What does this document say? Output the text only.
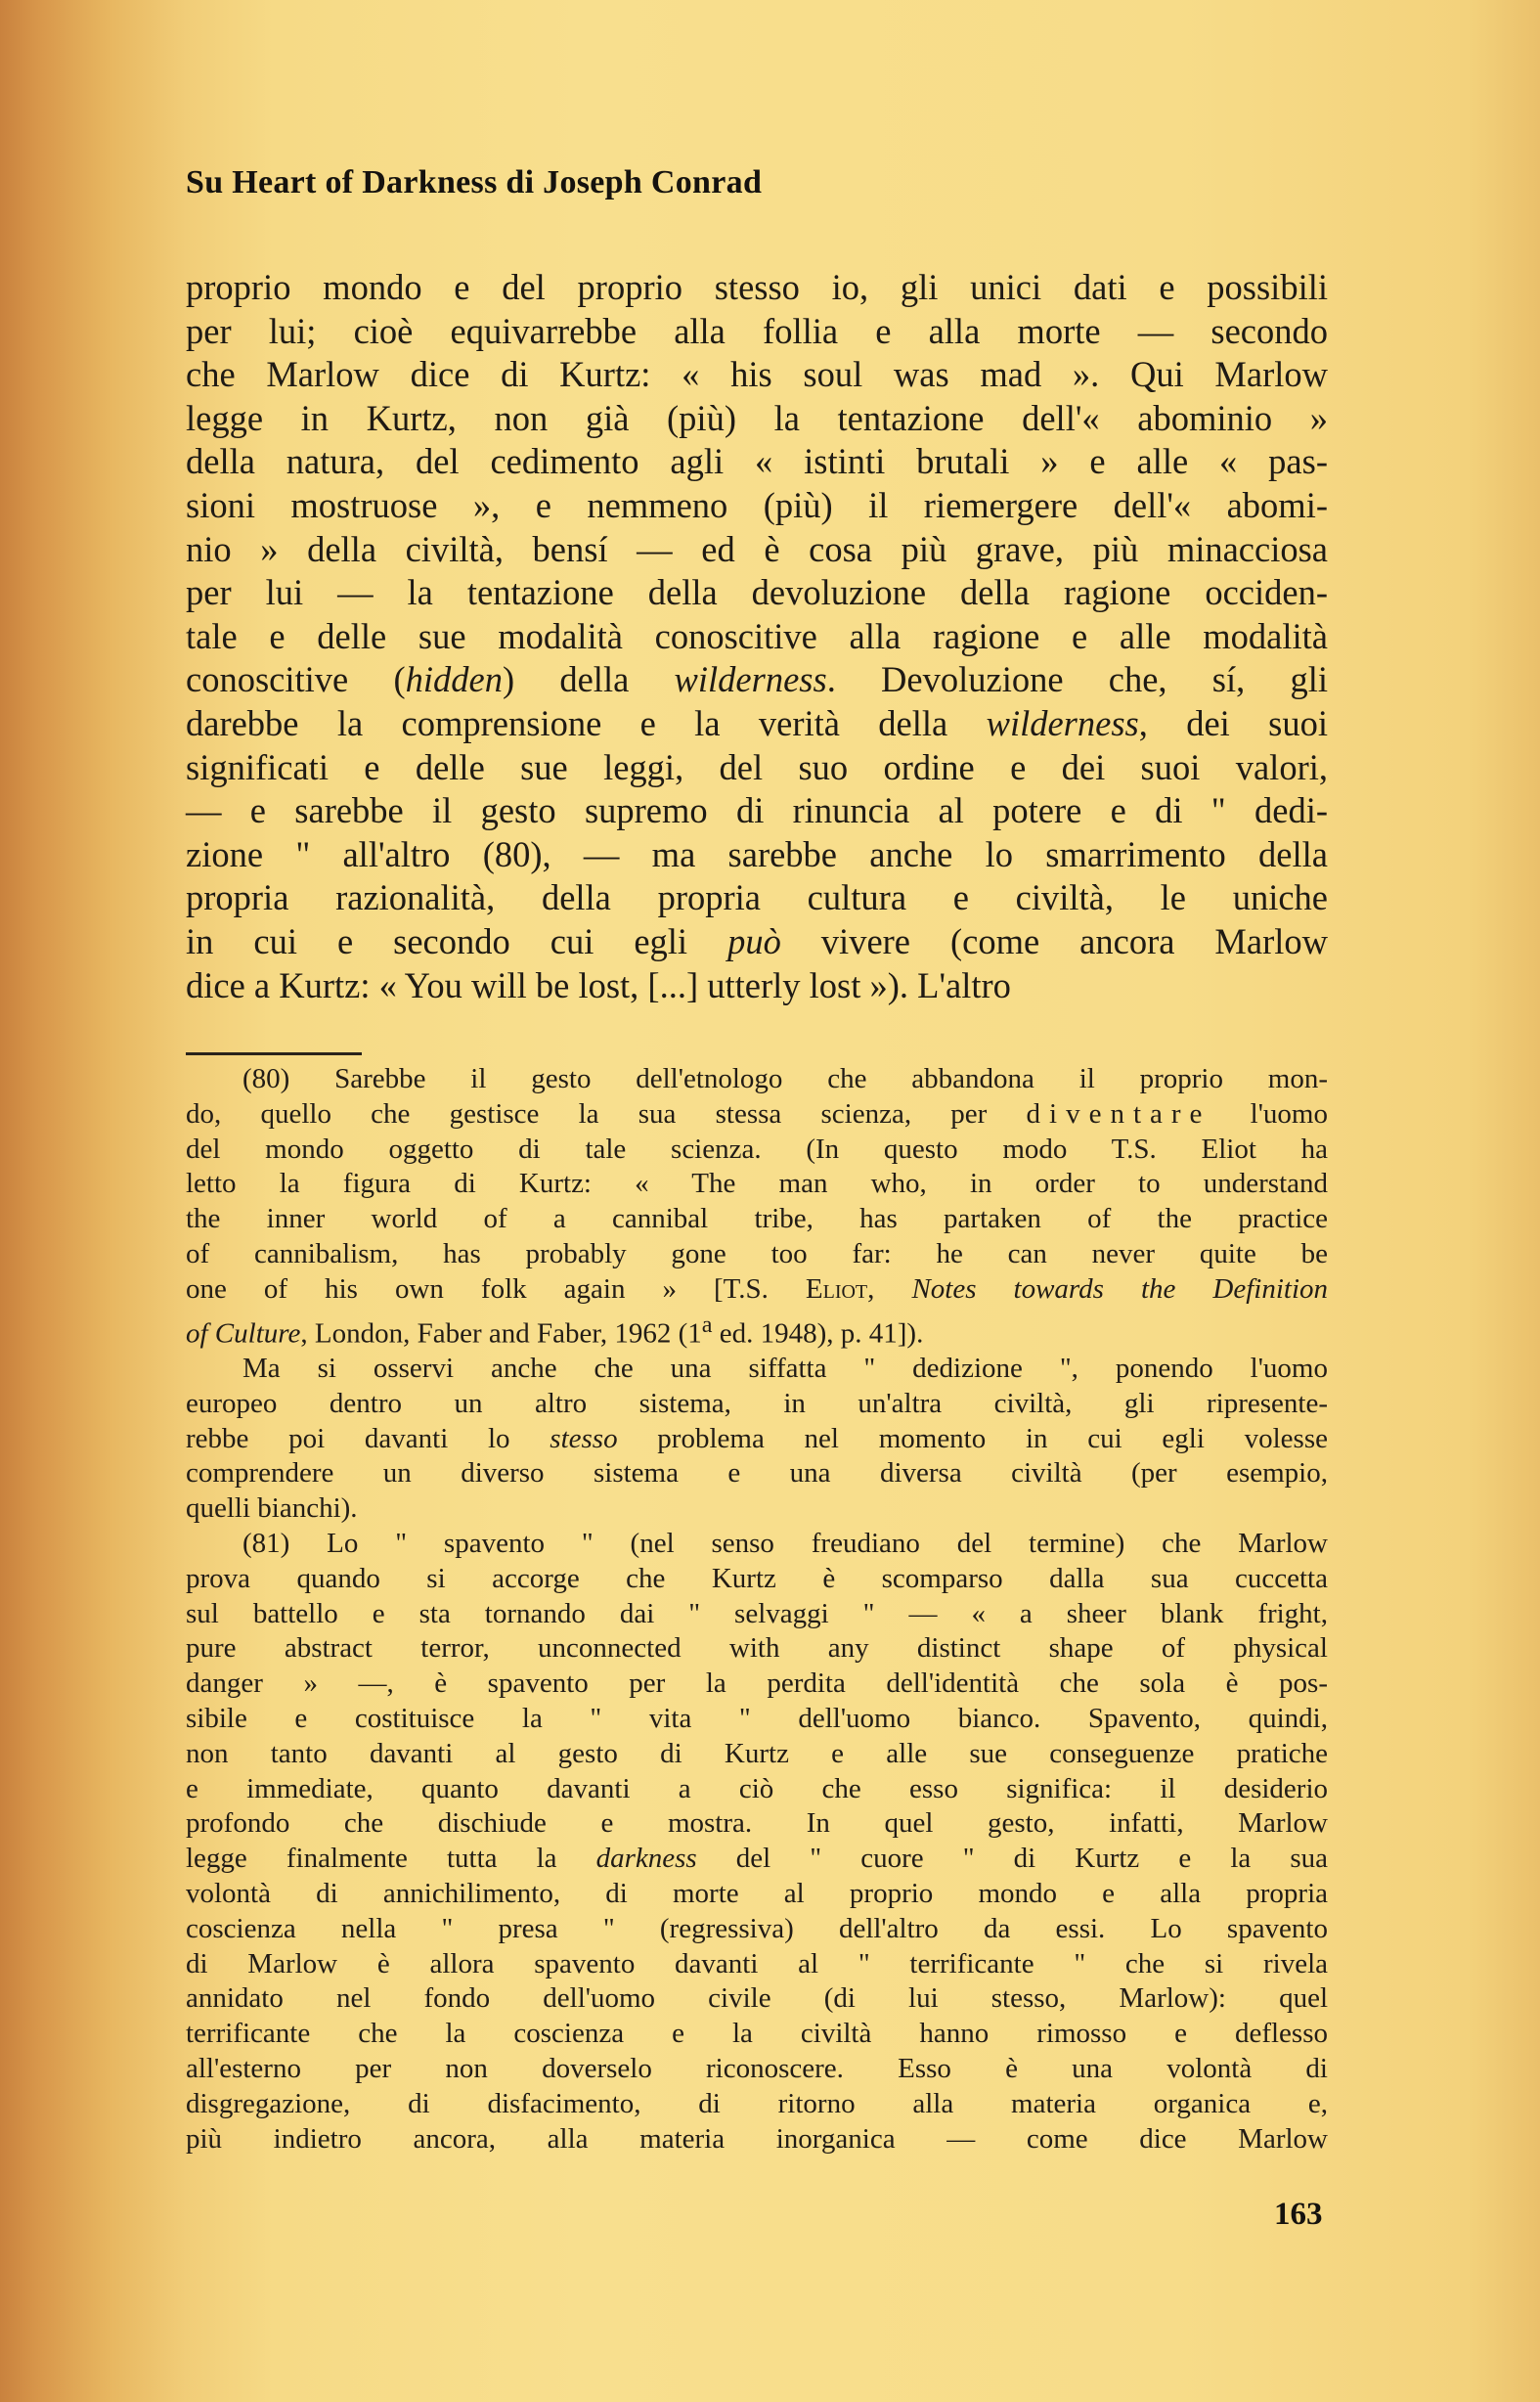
Su Heart of Darkness di Joseph Conrad
proprio mondo e del proprio stesso io, gli unici dati e possibili
per lui; cioè equivarrebbe alla follia e alla morte — secondo
che Marlow dice di Kurtz: « his soul was mad ». Qui Marlow
legge in Kurtz, non già (più) la tentazione dell'« abominio »
della natura, del cedimento agli « istinti brutali » e alle « pas-
sioni mostruose », e nemmeno (più) il riemergere dell'« abomi-
nio » della civiltà, bensí — ed è cosa più grave, più minacciosa
per lui — la tentazione della devoluzione della ragione occiden-
tale e delle sue modalità conoscitive alla ragione e alle modalità
conoscitive (hidden) della wilderness. Devoluzione che, sí, gli
darebbe la comprensione e la verità della wilderness, dei suoi
significati e delle sue leggi, del suo ordine e dei suoi valori,
— e sarebbe il gesto supremo di rinuncia al potere e di " dedi-
zione " all'altro (80), — ma sarebbe anche lo smarrimento della
propria razionalità, della propria cultura e civiltà, le uniche
in cui e secondo cui egli può vivere (come ancora Marlow
dice a Kurtz: « You will be lost, [...] utterly lost »). L'altro
(80) Sarebbe il gesto dell'etnologo che abbandona il proprio mon-
do, quello che gestisce la sua stessa scienza, per diventare l'uomo
del mondo oggetto di tale scienza. (In questo modo T.S. Eliot ha
letto la figura di Kurtz: « The man who, in order to understand
the inner world of a cannibal tribe, has partaken of the practice
of cannibalism, has probably gone too far: he can never quite be
one of his own folk again » [T.S. Eliot, Notes towards the Definition
of Culture, London, Faber and Faber, 1962 (1$^a$ ed. 1948), p. 41]).
Ma si osservi anche che una siffatta " dedizione ", ponendo l'uomo
europeo dentro un altro sistema, in un'altra civiltà, gli ripresente-
rebbe poi davanti lo stesso problema nel momento in cui egli volesse
comprendere un diverso sistema e una diversa civiltà (per esempio,
quelli bianchi).
(81) Lo " spavento " (nel senso freudiano del termine) che Marlow
prova quando si accorge che Kurtz è scomparso dalla sua cuccetta
sul battello e sta tornando dai " selvaggi " — « a sheer blank fright,
pure abstract terror, unconnected with any distinct shape of physical
danger » —, è spavento per la perdita dell'identità che sola è pos-
sibile e costituisce la " vita " dell'uomo bianco. Spavento, quindi,
non tanto davanti al gesto di Kurtz e alle sue conseguenze pratiche
e immediate, quanto davanti a ciò che esso significa: il desiderio
profondo che dischiude e mostra. In quel gesto, infatti, Marlow
legge finalmente tutta la darkness del " cuore " di Kurtz e la sua
volontà di annichilimento, di morte al proprio mondo e alla propria
coscienza nella " presa " (regressiva) dell'altro da essi. Lo spavento
di Marlow è allora spavento davanti al " terrificante " che si rivela
annidato nel fondo dell'uomo civile (di lui stesso, Marlow): quel
terrificante che la coscienza e la civiltà hanno rimosso e deflesso
all'esterno per non doverselo riconoscere. Esso è una volontà di
disgregazione, di disfacimento, di ritorno alla materia organica e,
più indietro ancora, alla materia inorganica — come dice Marlow
163
